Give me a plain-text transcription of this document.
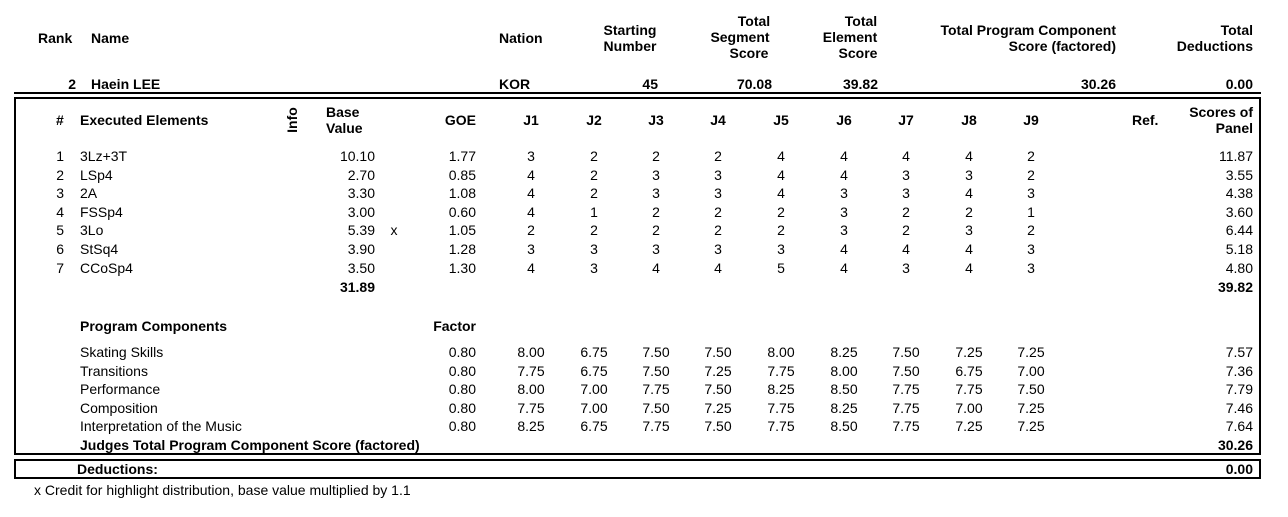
Rank Name	Nation	Starting
Number
Total
Segment
Score
Total
Element
Score
Total Program Component
Score (factored)
Total
Deductions
2 Haein LEE	KOR	45	70.08	39.82	30.26	0.00
# Executed Elements	Info Base
Value	GOE	J1	J2	J3	J4	J5	J6	J7	J8	J9	Ref.	Scores of
Panel
1 3Lz+3T	10.10	1.77	3	2	2	2	4	4	4	4	2	11.87
2 LSp4	2.70	0.85	4	2	3	3	4	4	3	3	2	3.55
3 2A	3.30	1.08	4	2	3	3	4	3	3	4	3	4.38
4 FSSp4	3.00	0.60	4	1	2	2	2	3	2	2	1	3.60
5 3Lo	5.39	x	1.05	2	2	2	2	2	3	2	3	2	6.44
6 StSq4	3.90	1.28	3	3	3	3	3	4	4	4	3	5.18
7 CCoSp4	3.50	1.30	4	3	4	4	5	4	3	4	3	4.80
31.89	39.82
Program Components	Factor
Skating Skills	0.80	8.00	6.75	7.50	7.50	8.00	8.25	7.50	7.25	7.25	7.57
Transitions	0.80	7.75	6.75	7.50	7.25	7.75	8.00	7.50	6.75	7.00	7.36
Performance	0.80	8.00	7.00	7.75	7.50	8.25	8.50	7.75	7.75	7.50	7.79
Composition	0.80	7.75	7.00	7.50	7.25	7.75	8.25	7.75	7.00	7.25	7.46
Interpretation of the Music	0.80	8.25	6.75	7.75	7.50	7.75	8.50	7.75	7.25	7.25	7.64
Judges Total Program Component Score (factored)	30.26
Deductions:	0.00
x Credit for highlight distribution, base value multiplied by 1.1
